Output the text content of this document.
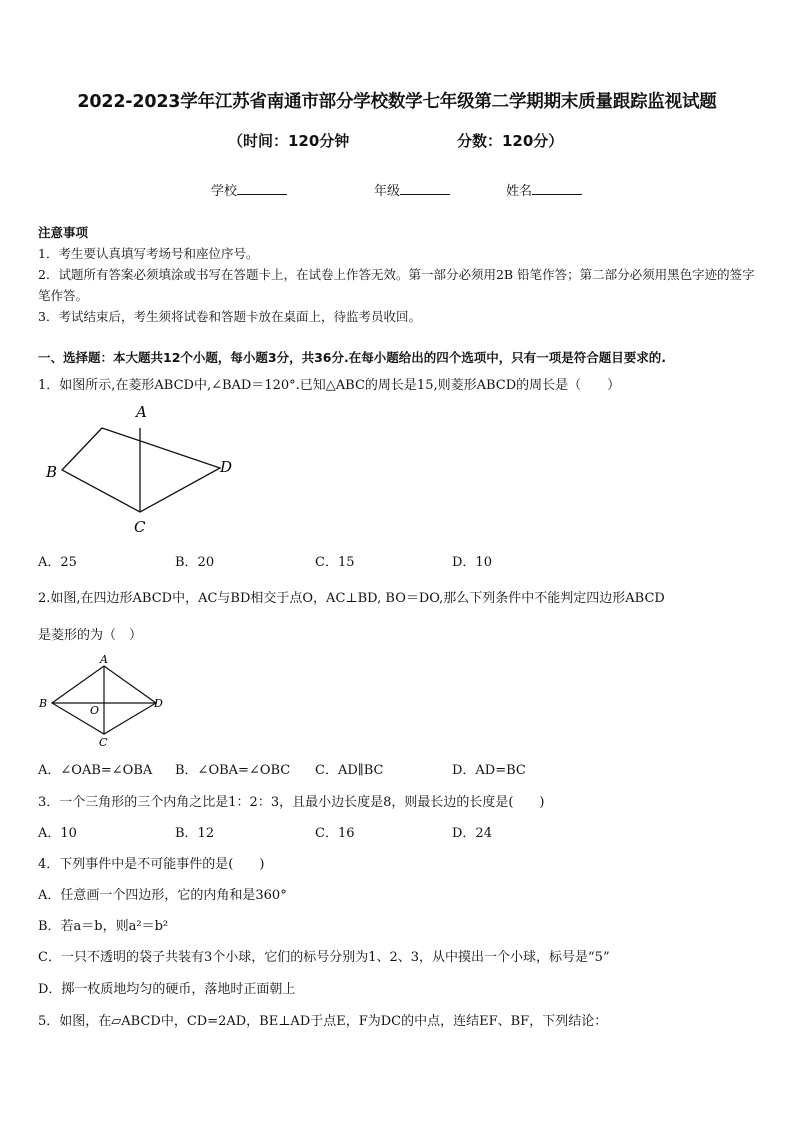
2022-2023学年江苏省南通市部分学校数学七年级第二学期期末质量跟踪监视试题
（时间：120分钟	分数：120分）
学校	年级	姓名
注意事项
1．考生要认真填写考场号和座位序号。
2．试题所有答案必须填涂或书写在答题卡上，在试卷上作答无效。第一部分必须用2B 铅笔作答；第二部分必须用黑色字迹的签字笔作答。
3．考试结束后，考生须将试卷和答题卡放在桌面上，待监考员收回。
一、选择题：本大题共12个小题，每小题3分，共36分.在每小题给出的四个选项中，只有一项是符合题目要求的.
1．如图所示,在菱形ABCD中,∠BAD＝120°.已知△ABC的周长是15,则菱形ABCD的周长是（　　）
A
B
C
D
A．25	B．20	C．15	D．10
2.如图,在四边形ABCD中，AC与BD相交于点O，AC⊥BD, BO＝DO,那么下列条件中不能判定四边形ABCD
是菱形的为（　）
A
B
C
D
O
A．∠OAB=∠OBA B．∠OBA=∠OBC C．AD∥BC	D．AD=BC
3．一个三角形的三个内角之比是1：2：3，且最小边长度是8，则最长边的长度是(　　)
A．10	B．12	C．16	D．24
4．下列事件中是不可能事件的是(　　)
A．任意画一个四边形，它的内角和是360°
B．若a＝b，则a²＝b²
C．一只不透明的袋子共装有3个小球，它们的标号分别为1、2、3，从中摸出一个小球，标号是“5”
D．掷一枚质地均匀的硬币，落地时正面朝上
5．如图，在▱ABCD中，CD=2AD，BE⊥AD于点E，F为DC的中点，连结EF、BF，下列结论：
